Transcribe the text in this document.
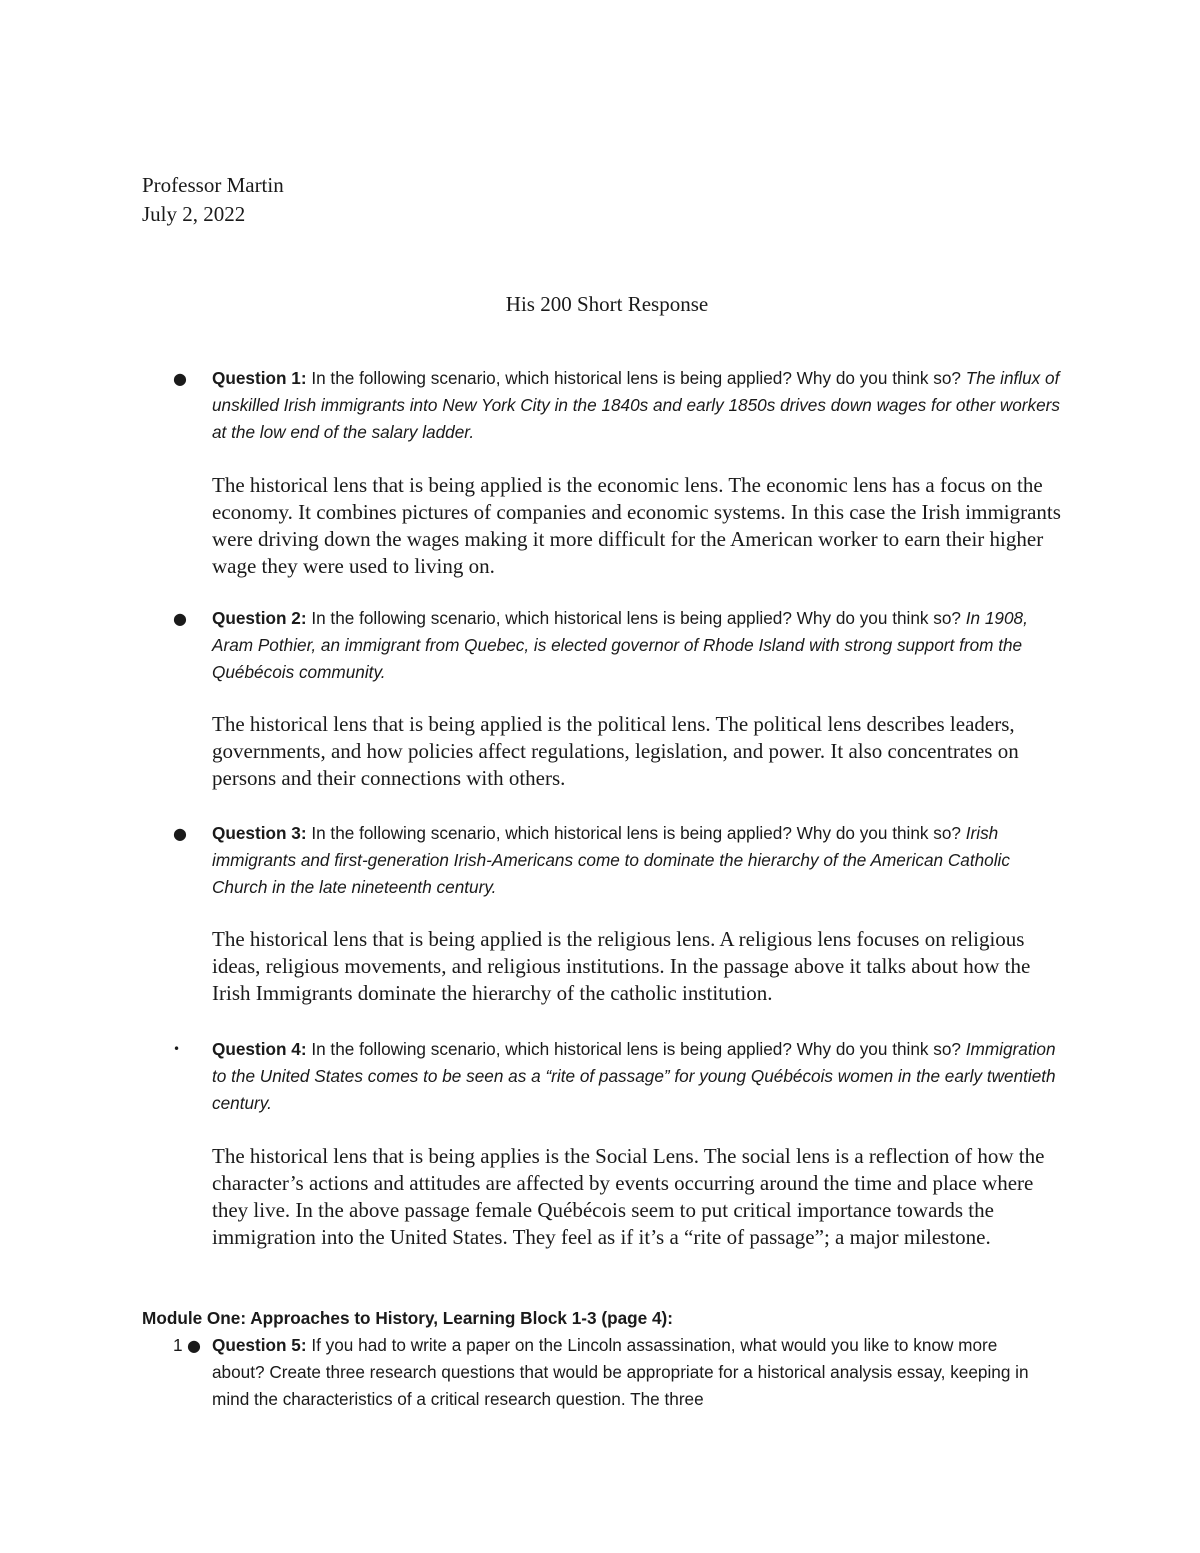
Professor Martin
July 2, 2022
His 200 Short Response
● Question 1: In the following scenario, which historical lens is being applied? Why do you think so? The influx of unskilled Irish immigrants into New York City in the 1840s and early 1850s drives down wages for other workers at the low end of the salary ladder.

The historical lens that is being applied is the economic lens. The economic lens has a focus on the economy. It combines pictures of companies and economic systems. In this case the Irish immigrants were driving down the wages making it more difficult for the American worker to earn their higher wage they were used to living on.

● Question 2: In the following scenario, which historical lens is being applied? Why do you think so? In 1908, Aram Pothier, an immigrant from Quebec, is elected governor of Rhode Island with strong support from the Québécois community.

The historical lens that is being applied is the political lens. The political lens describes leaders, governments, and how policies affect regulations, legislation, and power. It also concentrates on persons and their connections with others.

● Question 3: In the following scenario, which historical lens is being applied? Why do you think so? Irish immigrants and first-generation Irish-Americans come to dominate the hierarchy of the American Catholic Church in the late nineteenth century.

The historical lens that is being applied is the religious lens. A religious lens focuses on religious ideas, religious movements, and religious institutions. In the passage above it talks about how the Irish Immigrants dominate the hierarchy of the catholic institution.

• Question 4: In the following scenario, which historical lens is being applied? Why do you think so? Immigration to the United States comes to be seen as a “rite of passage” for young Québécois women in the early twentieth century.

The historical lens that is being applies is the Social Lens. The social lens is a reflection of how the character’s actions and attitudes are affected by events occurring around the time and place where they live. In the above passage female Québécois seem to put critical importance towards the immigration into the United States. They feel as if it’s a “rite of passage”; a major milestone.

Module One: Approaches to History, Learning Block 1-3 (page 4):
1 ● Question 5: If you had to write a paper on the Lincoln assassination, what would you like to know more about? Create three research questions that would be appropriate for a historical analysis essay, keeping in mind the characteristics of a critical research question. The three
